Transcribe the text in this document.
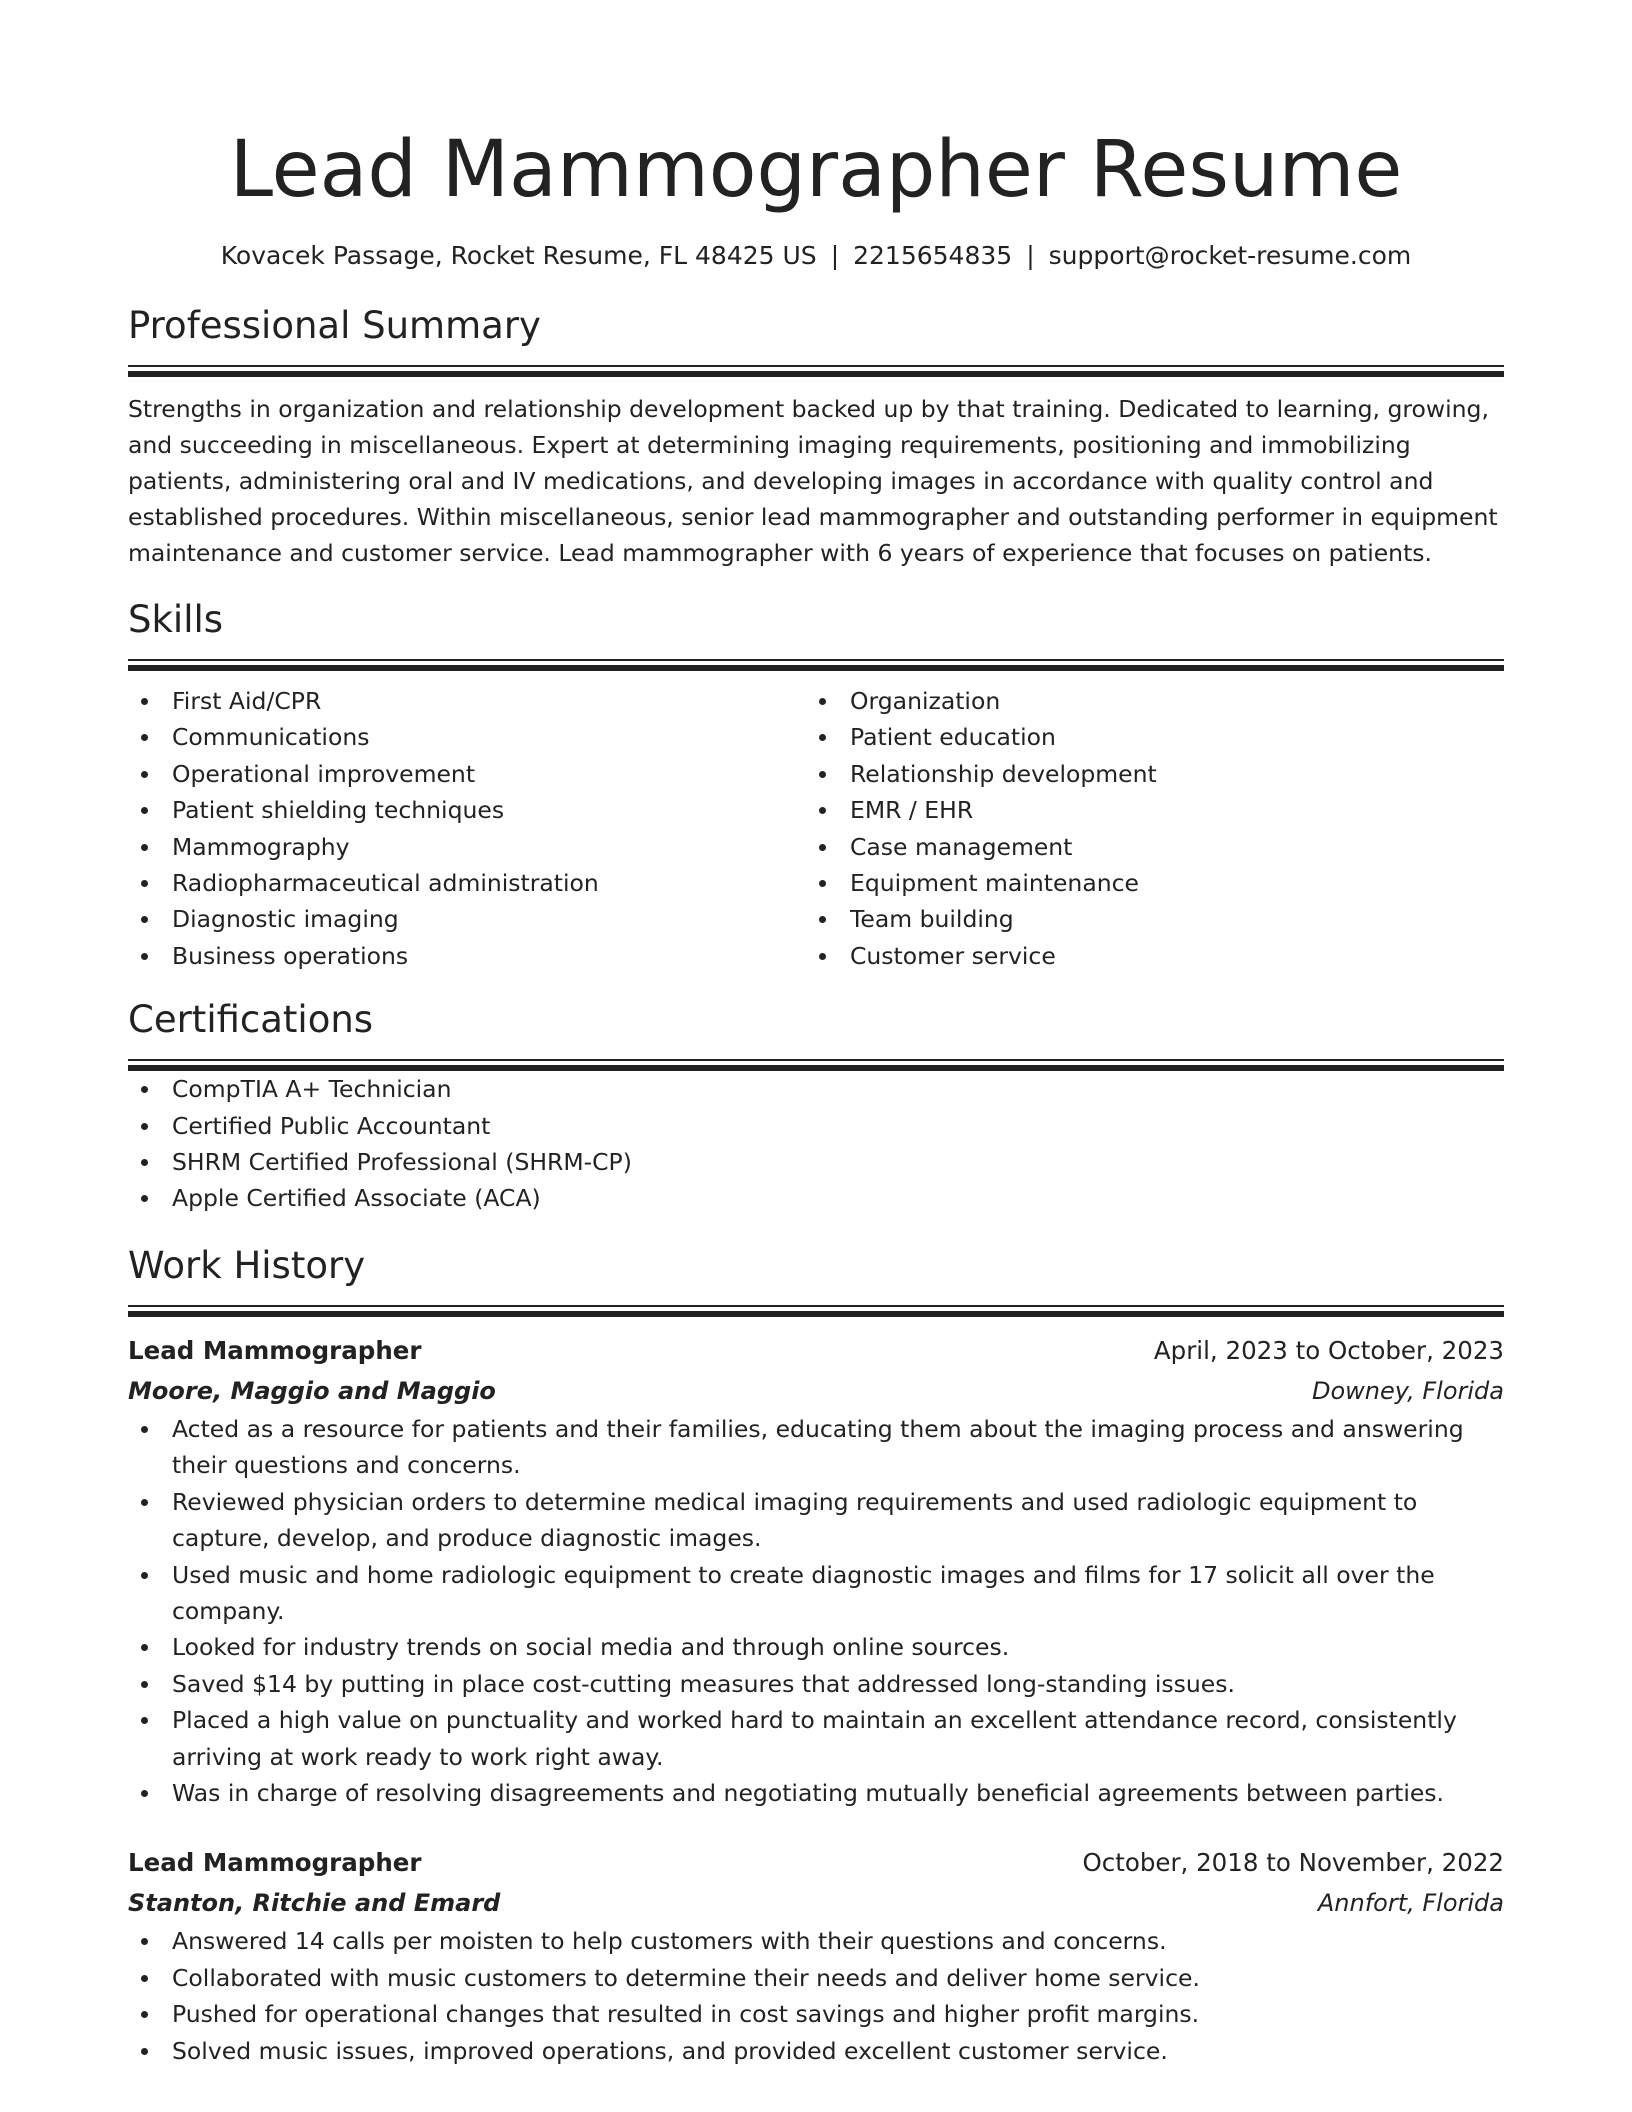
Lead Mammographer Resume
Kovacek Passage, Rocket Resume, FL 48425 US | 2215654835 | support@rocket-resume.com
Professional Summary

Strengths in organization and relationship development backed up by that training. Dedicated to learning, growing, and succeeding in miscellaneous. Expert at determining imaging requirements, positioning and immobilizing patients, administering oral and IV medications, and developing images in accordance with quality control and established procedures. Within miscellaneous, senior lead mammographer and outstanding performer in equipment maintenance and customer service. Lead mammographer with 6 years of experience that focuses on patients.

Skills
First Aid/CPR
Communications
Operational improvement
Patient shielding techniques
Mammography
Radiopharmaceutical administration
Diagnostic imaging
Business operations
Organization
Patient education
Relationship development
EMR / EHR
Case management
Equipment maintenance
Team building
Customer service
Certifications
CompTIA A+ Technician
Certified Public Accountant
SHRM Certified Professional (SHRM-CP)
Apple Certified Associate (ACA)
Work History
Lead Mammographer	April, 2023 to October, 2023
Moore, Maggio and Maggio	Downey, Florida
Acted as a resource for patients and their families, educating them about the imaging process and answering their questions and concerns.
Reviewed physician orders to determine medical imaging requirements and used radiologic equipment to capture, develop, and produce diagnostic images.
Used music and home radiologic equipment to create diagnostic images and films for 17 solicit all over the company.
Looked for industry trends on social media and through online sources.
Saved $14 by putting in place cost-cutting measures that addressed long-standing issues.
Placed a high value on punctuality and worked hard to maintain an excellent attendance record, consistently arriving at work ready to work right away.
Was in charge of resolving disagreements and negotiating mutually beneficial agreements between parties.
Lead Mammographer	October, 2018 to November, 2022
Stanton, Ritchie and Emard	Annfort, Florida
Answered 14 calls per moisten to help customers with their questions and concerns.
Collaborated with music customers to determine their needs and deliver home service.
Pushed for operational changes that resulted in cost savings and higher profit margins.
Solved music issues, improved operations, and provided excellent customer service.
